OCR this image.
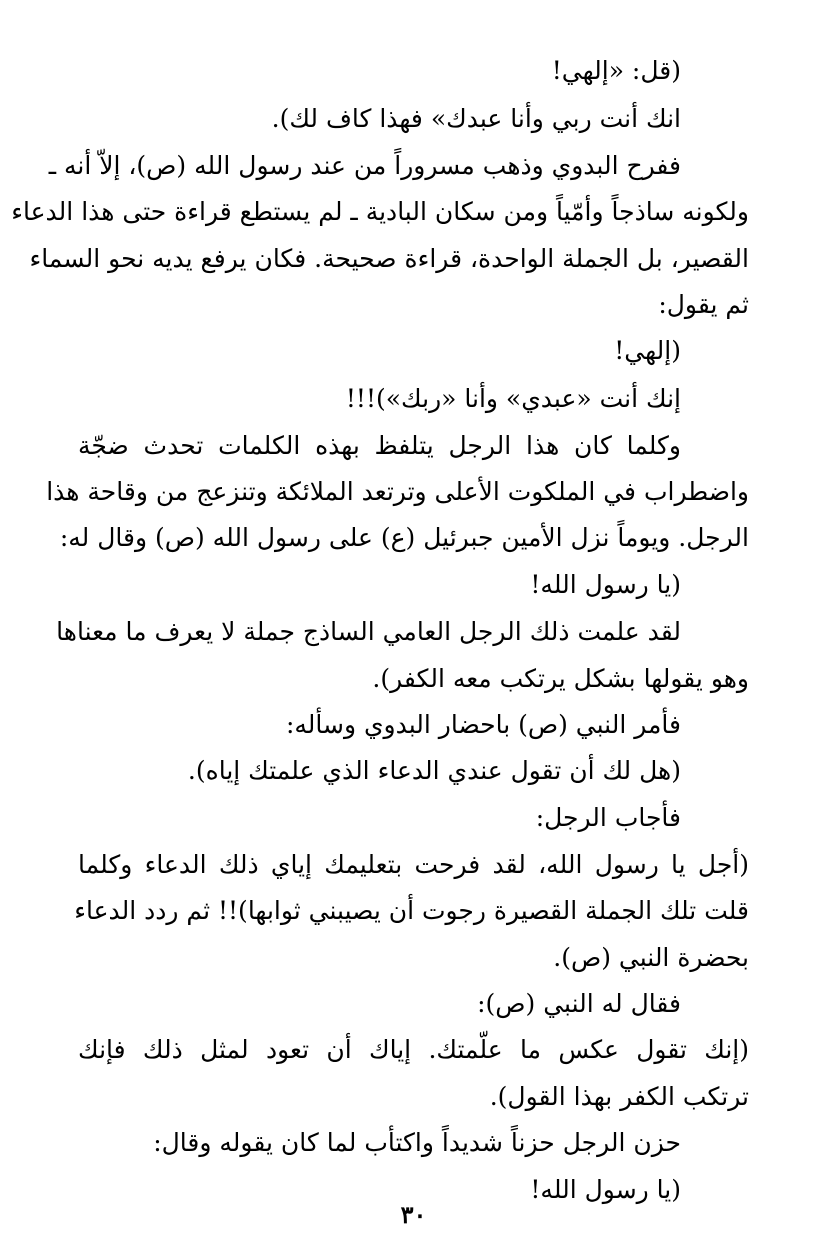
(قل: «إلهي!
انك أنت ربي وأنا عبدك» فهذا كاف لك).
ففرح البدوي وذهب مسروراً من عند رسول الله (ص)، إلاّ أنه ـ
ولكونه ساذجاً وأمّياً ومن سكان البادية ـ لم يستطع قراءة حتى هذا الدعاء
القصير، بل الجملة الواحدة، قراءة صحيحة. فكان يرفع يديه نحو السماء
ثم يقول:
(إلهي!
إنك أنت «عبدي» وأنا «ربك»)!!!
وكلما كان هذا الرجل يتلفظ بهذه الكلمات تحدث ضجّة
واضطراب في الملكوت الأعلى وترتعد الملائكة وتنزعج من وقاحة هذا
الرجل. ويوماً نزل الأمين جبرئيل (ع) على رسول الله (ص) وقال له:
(يا رسول الله!
لقد علمت ذلك الرجل العامي الساذج جملة لا يعرف ما معناها
وهو يقولها بشكل يرتكب معه الكفر).
فأمر النبي (ص) باحضار البدوي وسأله:
(هل لك أن تقول عندي الدعاء الذي علمتك إياه).
فأجاب الرجل:
(أجل يا رسول الله، لقد فرحت بتعليمك إياي ذلك الدعاء وكلما
قلت تلك الجملة القصيرة رجوت أن يصيبني ثوابها)!! ثم ردد الدعاء
بحضرة النبي (ص).
فقال له النبي (ص):
(إنك تقول عكس ما علّمتك. إياك أن تعود لمثل ذلك فإنك
ترتكب الكفر بهذا القول).
حزن الرجل حزناً شديداً واكتأب لما كان يقوله وقال:
(يا رسول الله!
٣٠
